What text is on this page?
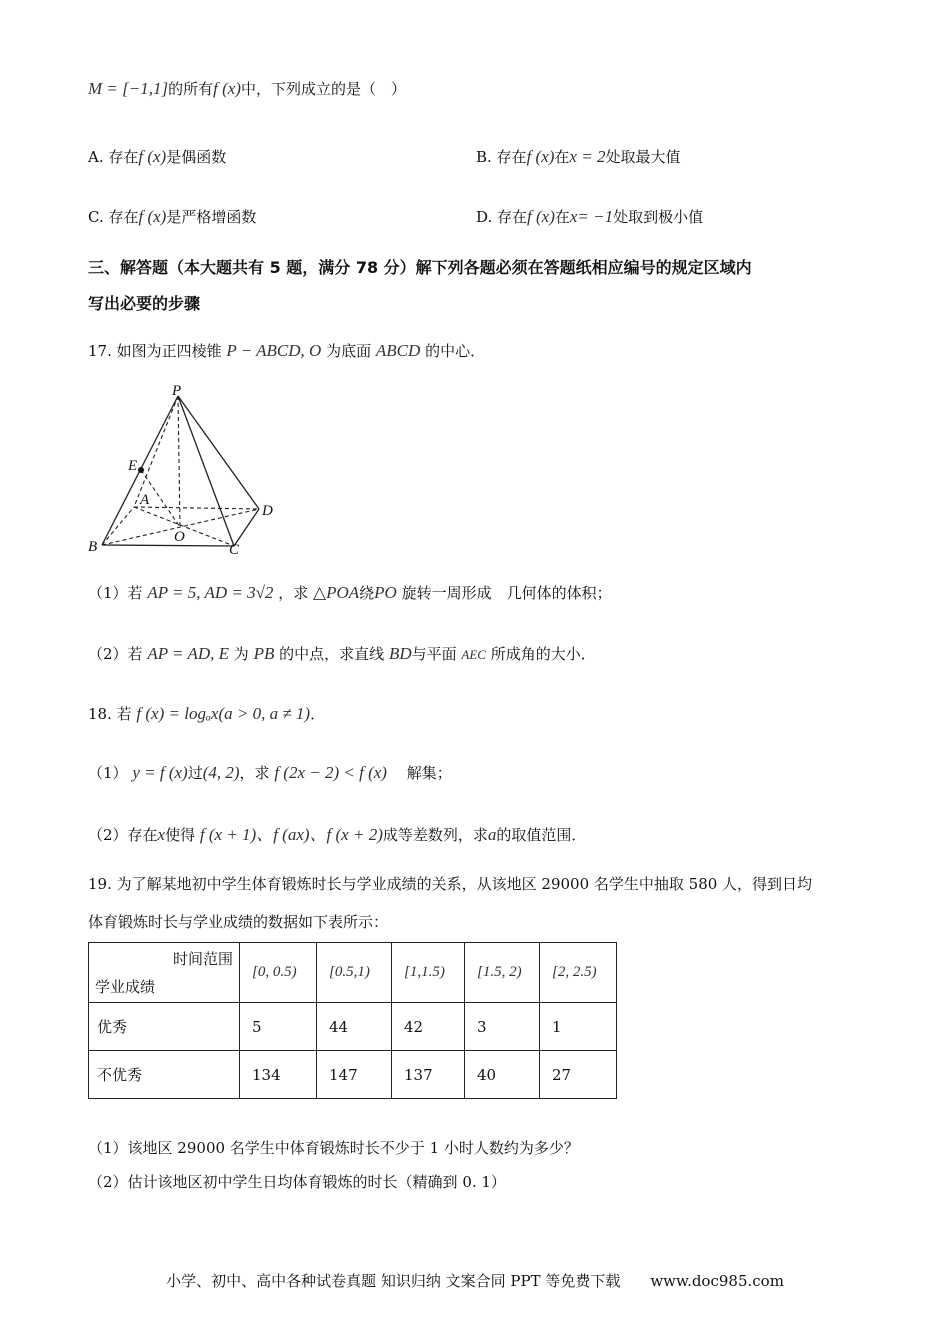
M = [−1,1]的所有f (x)中，下列成立的是（　）
A. 存在f (x)是偶函数	B. 存在f (x)在x = 2处取最大值
C. 存在f (x)是严格增函数	D. 存在f (x)在x= −1处取到极小值
三、解答题（本大题共有 5 题，满分 78 分）解下列各题必须在答题纸相应编号的规定区域内
写出必要的步骤
17. 如图为正四棱锥 P − ABCD, O 为底面 ABCD 的中心．
P
E
A
D
O
B	C
（1）若 AP = 5, AD = 3√2 ，求 △POA绕PO 旋转一周形成　几何体的体积；
（2）若 AP = AD, E 为 PB 的中点，求直线 BD与平面 AEC 所成角的大小．
18. 若 f (x) = logₐx(a > 0, a ≠ 1)．
（1） y = f (x)过(4, 2)，求 f (2x − 2) < f (x) 　解集；
（2）存在x使得 f (x + 1)、f (ax)、f (x + 2)成等差数列，求a的取值范围．
19. 为了解某地初中学生体育锻炼时长与学业成绩的关系，从该地区 29000 名学生中抽取 580 人，得到日均
体育锻炼时长与学业成绩的数据如下表所示：
时间范围
学业成绩	[0, 0.5)	[0.5,1)	[1,1.5)	[1.5, 2)	[2, 2.5)
优秀	5	44	42	3	1
不优秀	134	147	137	40	27
（1）该地区 29000 名学生中体育锻炼时长不少于 1 小时人数约为多少？
（2）估计该地区初中学生日均体育锻炼的时长（精确到 0. 1）
小学、初中、高中各种试卷真题 知识归纳 文案合同 PPT 等免费下载　　www.doc985.com
